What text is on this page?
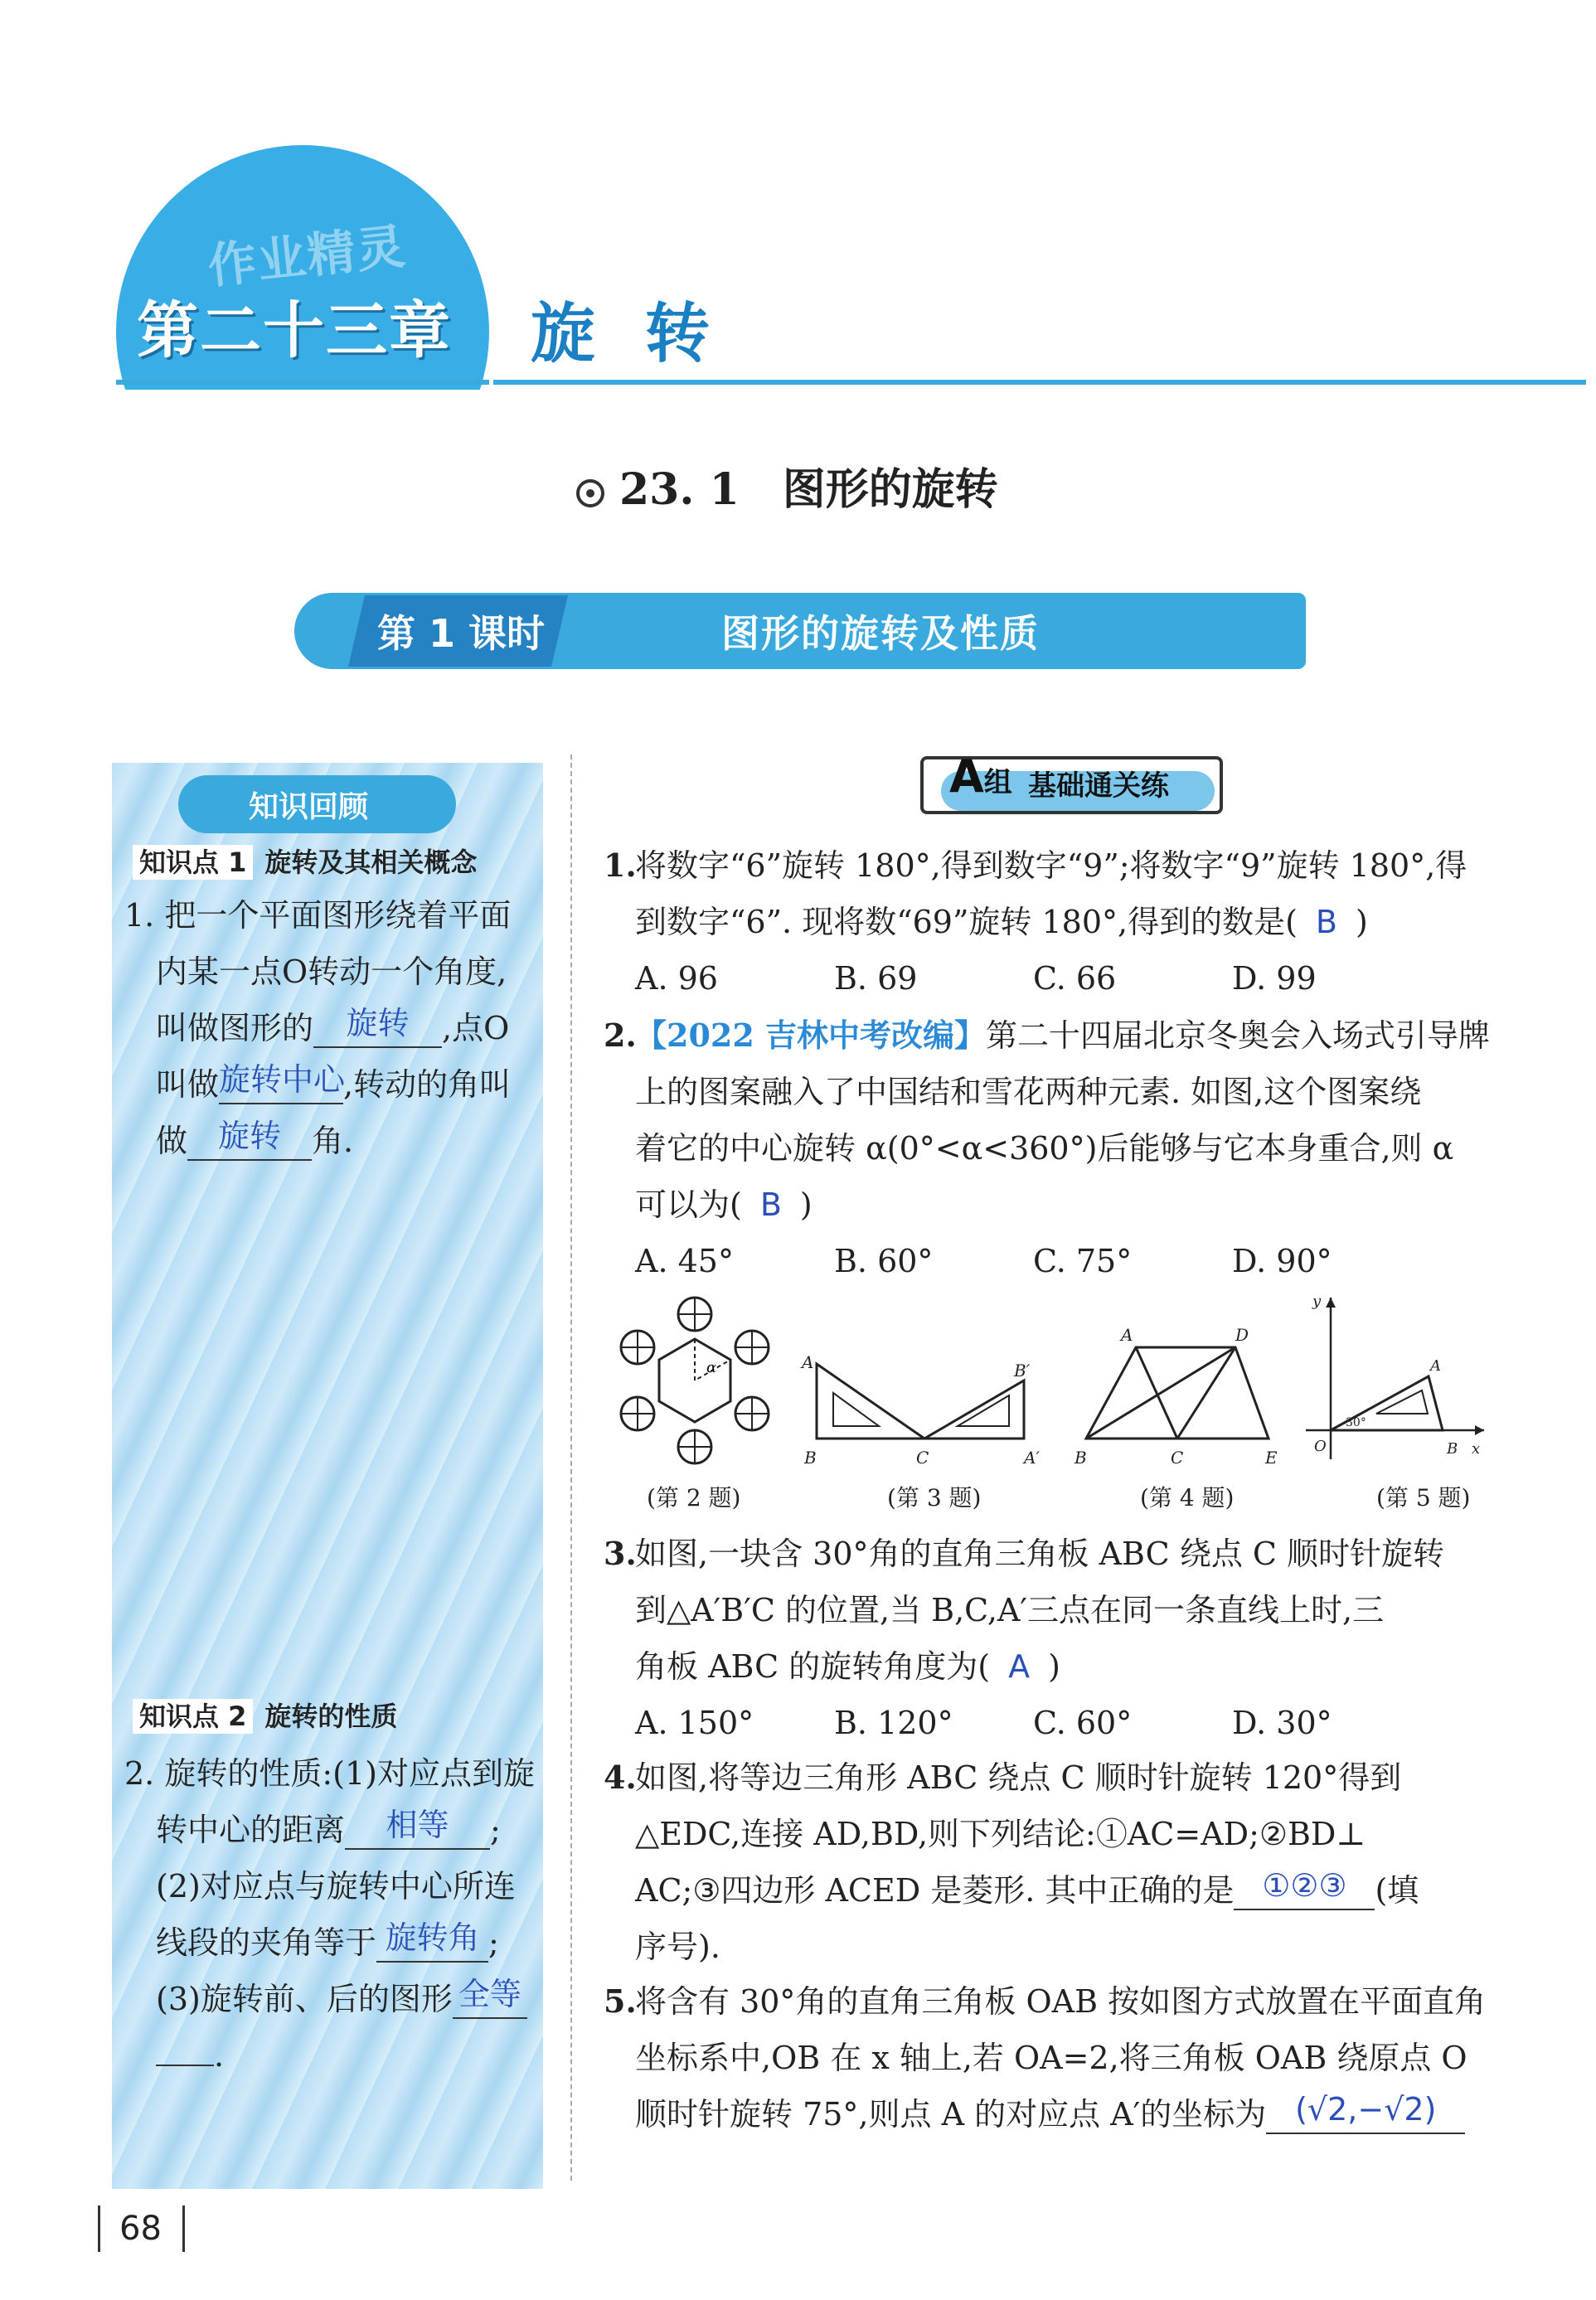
作业精灵
第二十三章 旋转
23. 1　图形的旋转
第 1 课时	图形的旋转及性质
知识回顾
知识点 1 旋转及其相关概念
1. 把一个平面图形绕着平面
内某一点O转动一个角度,
叫做图形的 旋转 ,点O
叫做旋转中心,转动的角叫
做 旋转 角.
知识点 2 旋转的性质
2. 旋转的性质:(1)对应点到旋
转中心的距离 相等 ;
(2)对应点与旋转中心所连
线段的夹角等于 旋转角 ;
(3)旋转前、后的图形 全等
.
A组 基础通关练
1.将数字“6”旋转 180°,得到数字“9”;将数字“9”旋转 180°,得
到数字“6”. 现将数“69”旋转 180°,得到的数是( B )
A. 96	B. 69	C. 66	D. 99
2.【2022 吉林中考改编】第二十四届北京冬奥会入场式引导牌
上的图案融入了中国结和雪花两种元素. 如图,这个图案绕
着它的中心旋转 α(0°<α<360°)后能够与它本身重合,则 α
可以为( B )
A. 45°	B. 60°	C. 75°	D. 90°
α
(第 2 题)
A
B	C
B′
A′
(第 3 题)
A	D
B	C	E
(第 4 题)
y
x
O
A
B
30°
(第 5 题)
3.如图,一块含 30°角的直角三角板 ABC 绕点 C 顺时针旋转
到△A′B′C 的位置,当 B,C,A′三点在同一条直线上时,三
角板 ABC 的旋转角度为( A )
A. 150°	B. 120°	C. 60°	D. 30°
4.如图,将等边三角形 ABC 绕点 C 顺时针旋转 120°得到
△EDC,连接 AD,BD,则下列结论:①AC=AD;②BD⊥
AC;③四边形 ACED 是菱形. 其中正确的是 ①②③ (填
序号).
5.将含有 30°角的直角三角板 OAB 按如图方式放置在平面直角
坐标系中,OB 在 x 轴上,若 OA=2,将三角板 OAB 绕原点 O
顺时针旋转 75°,则点 A 的对应点 A′的坐标为 (√2,−√2)
68
